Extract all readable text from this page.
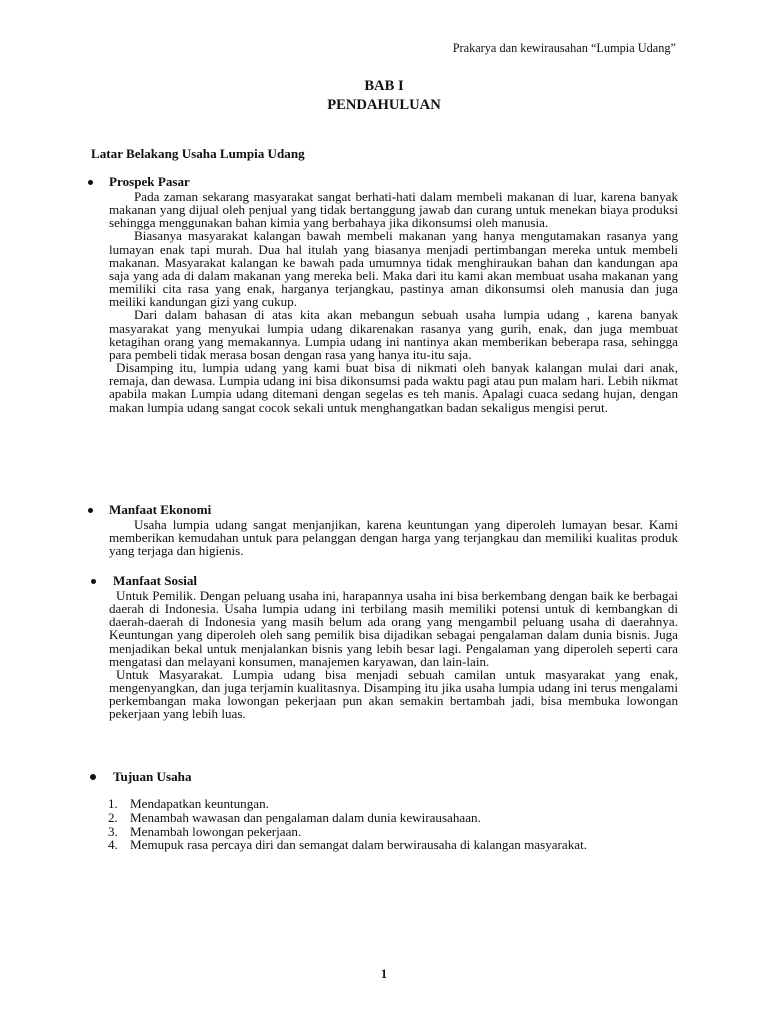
Prakarya dan kewirausahan “Lumpia Udang”
BAB I
PENDAHULUAN
Latar Belakang Usaha Lumpia Udang
Prospek Pasar

Pada zaman sekarang masyarakat sangat berhati-hati dalam membeli makanan di luar, karena banyak makanan yang dijual oleh penjual yang tidak bertanggung jawab dan curang untuk menekan biaya produksi sehingga menggunakan bahan kimia yang berbahaya jika dikonsumsi oleh manusia.

Biasanya masyarakat kalangan bawah membeli makanan yang hanya mengutamakan rasanya yang lumayan enak tapi murah. Dua hal itulah yang biasanya menjadi pertimbangan mereka untuk membeli makanan. Masyarakat kalangan ke bawah pada umumnya tidak menghiraukan bahan dan kandungan apa saja yang ada di dalam makanan yang mereka beli. Maka dari itu kami akan membuat usaha makanan yang memiliki cita rasa yang enak, harganya terjangkau, pastinya aman dikonsumsi oleh manusia dan juga meiliki kandungan gizi yang cukup.

Dari dalam bahasan di atas kita akan mebangun sebuah usaha lumpia udang , karena banyak masyarakat yang menyukai lumpia udang dikarenakan rasanya yang gurih, enak, dan juga membuat ketagihan orang yang memakannya. Lumpia udang ini nantinya akan memberikan beberapa rasa, sehingga para pembeli tidak merasa bosan dengan rasa yang hanya itu-itu saja.

Disamping itu, lumpia udang yang kami buat bisa di nikmati oleh banyak kalangan mulai dari anak, remaja, dan dewasa. Lumpia udang ini bisa dikonsumsi pada waktu pagi atau pun malam hari. Lebih nikmat apabila makan Lumpia udang ditemani dengan segelas es teh manis. Apalagi cuaca sedang hujan, dengan makan lumpia udang sangat cocok sekali untuk menghangatkan badan sekaligus mengisi perut.

Manfaat Ekonomi

Usaha lumpia udang sangat menjanjikan, karena keuntungan yang diperoleh lumayan besar. Kami memberikan kemudahan untuk para pelanggan dengan harga yang terjangkau dan memiliki kualitas produk yang terjaga dan higienis.

Manfaat Sosial

Untuk Pemilik. Dengan peluang usaha ini, harapannya usaha ini bisa berkembang dengan baik ke berbagai daerah di Indonesia. Usaha lumpia udang ini terbilang masih memiliki potensi untuk di kembangkan di daerah-daerah di Indonesia yang masih belum ada orang yang mengambil peluang usaha di daerahnya. Keuntungan yang diperoleh oleh sang pemilik bisa dijadikan sebagai pengalaman dalam dunia bisnis. Juga menjadikan bekal untuk menjalankan bisnis yang lebih besar lagi. Pengalaman yang diperoleh seperti cara mengatasi dan melayani konsumen, manajemen karyawan, dan lain-lain.

Untuk Masyarakat. Lumpia udang bisa menjadi sebuah camilan untuk masyarakat yang enak, mengenyangkan, dan juga terjamin kualitasnya. Disamping itu jika usaha lumpia udang ini terus mengalami perkembangan maka lowongan pekerjaan pun akan semakin bertambah jadi, bisa membuka lowongan pekerjaan yang lebih luas.

Tujuan Usaha
1. Mendapatkan keuntungan.
2. Menambah wawasan dan pengalaman dalam dunia kewirausahaan.
3. Menambah lowongan pekerjaan.
4. Memupuk rasa percaya diri dan semangat dalam berwirausaha di kalangan masyarakat.
1
